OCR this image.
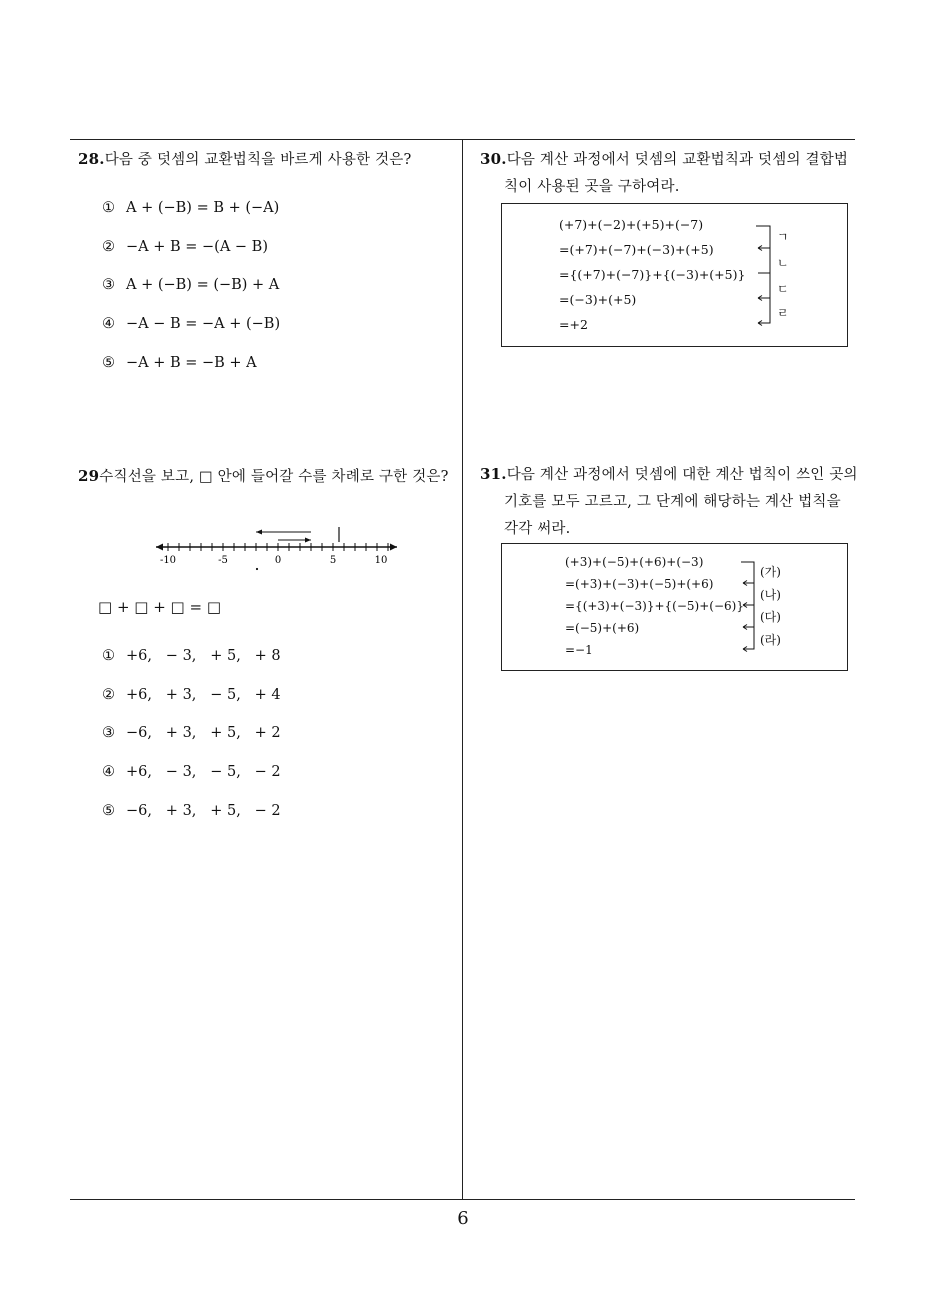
28.다음 중 덧셈의 교환법칙을 바르게 사용한 것은?
① A + (−B) = B + (−A)
② −A + B = −(A − B)
③ A + (−B) = (−B) + A
④ −A − B = −A + (−B)
⑤ −A + B = −B + A
29수직선을 보고, □ 안에 들어갈 수를 차례로 구한 것은?
-10	-5	0	5	10
□ + □ + □ = □
① +6,   − 3,   + 5,   + 8
② +6,   + 3,   − 5,   + 4
③ −6,   + 3,   + 5,   + 2
④ +6,   − 3,   − 5,   − 2
⑤ −6,   + 3,   + 5,   − 2
30.다음 계산 과정에서 덧셈의 교환법칙과 덧셈의 결합법
칙이 사용된 곳을 구하여라.
(+7)+(−2)+(+5)+(−7)
=(+7)+(−7)+(−3)+(+5)
={(+7)+(−7)}+{(−3)+(+5)}
=(−3)+(+5)
=+2
ㄱ
ㄴ
ㄷ
ㄹ
31.다음 계산 과정에서 덧셈에 대한 계산 법칙이 쓰인 곳의
기호를 모두 고르고, 그 단계에 해당하는 계산 법칙을
각각 써라.
(+3)+(−5)+(+6)+(−3)
=(+3)+(−3)+(−5)+(+6)
={(+3)+(−3)}+{(−5)+(−6)}
=(−5)+(+6)
=−1
(가)
(나)
(다)
(라)
6
